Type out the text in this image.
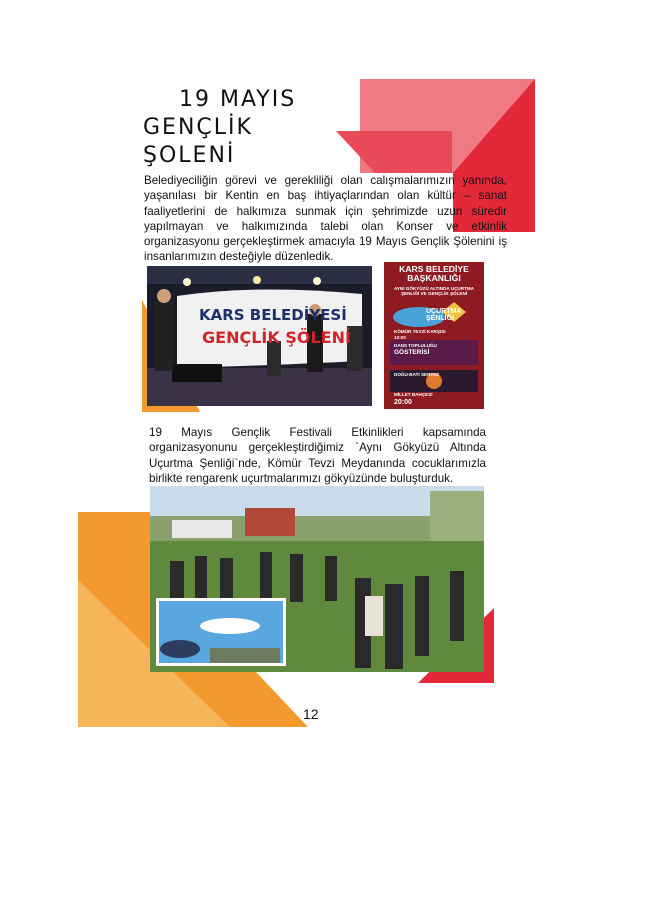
19 MAYIS
GENÇLİK ŞOLENİ
Belediyeciliğin görevi ve gerekliliği olan calışmalarımızın yanında, yaşanılası bir Kentin en baş ihtiyaçlarından olan kültür – sanat faaliyetlerini de halkımıza sunmak için şehrimizde uzun süredir yapılmayan ve halkımızında talebi olan Konser ve etkinlik organizasyonu gerçekleştirmek amacıyla 19 Mayıs Gençlik Şölenini iş insanlarımızın desteğiyle düzenledik.
KARS BELEDİYESİ
GENÇLİK ŞÖLENİ
KARS BELEDİYE BAŞKANLIĞI
AYNI GÖKYÜZÜ ALTINDA UÇURTMA ŞENLİĞİ VE GENÇLİK ŞÖLENİ
UÇURTMA ŞENLİĞİ
KÖMÜR TEVZİ KARŞISI
13:00
DANS TOPLULUĞU
GÖSTERİSİ
DOĞU-BATI SERTEZ
MİLLET BAHÇESİ
20:00
19 Mayıs Gençlik Festivali Etkinlikleri kapsamında organizasyonunu gerçekleştirdiğimiz `Aynı Gökyüzü Altında Uçurtma Şenliği`nde, Kömür Tevzi Meydanında cocuklarımızla birlikte rengarenk uçurtmalarımızı gökyüzünde buluşturduk.
12
